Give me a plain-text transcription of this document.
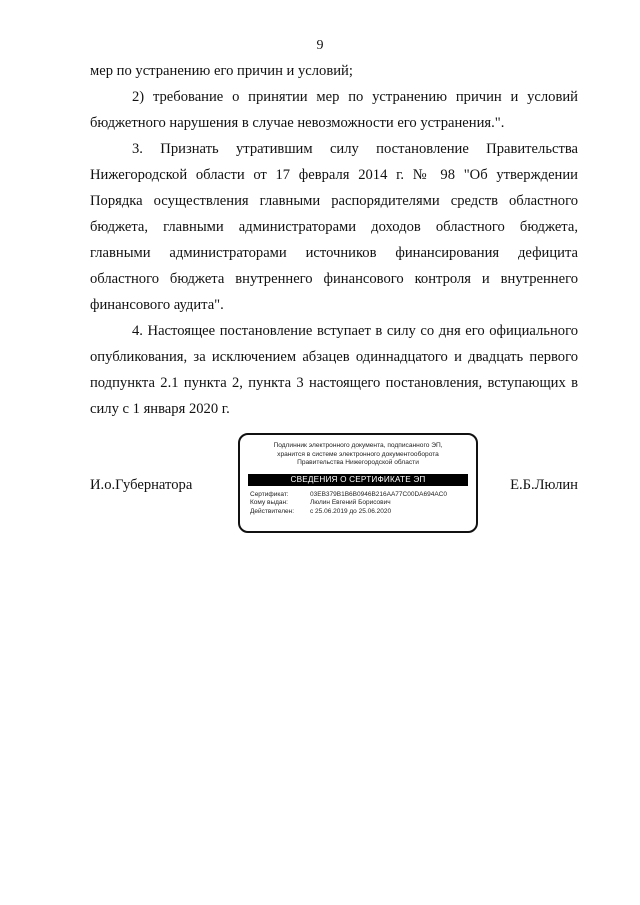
9

мер по устранению его причин и условий;

2) требование о принятии мер по устранению причин и условий бюджетного нарушения в случае невозможности его устранения.".

3. Признать утратившим силу постановление Правительства Нижегородской области от 17 февраля 2014 г. № 98 "Об утверждении Порядка осуществления главными распорядителями средств областного бюджета, главными администраторами доходов областного бюджета, главными администраторами источников финансирования дефицита областного бюджета внутреннего финансового контроля и внутреннего финансового аудита".

4. Настоящее постановление вступает в силу со дня его официального опубликования, за исключением абзацев одиннадцатого и двадцать первого подпункта 2.1 пункта 2, пункта 3 настоящего постановления, вступающих в силу с 1 января 2020 г.

И.о.Губернатора
Подлинник электронного документа, подписанного ЭП,
хранится в системе электронного документооборота
Правительства Нижегородской области
СВЕДЕНИЯ О СЕРТИФИКАТЕ ЭП
Сертификат:	03EB379B1B6B0946B216AA77C00DA694AC0
Кому выдан:	Люлин Евгений Борисович
Действителен: с 25.06.2019 до 25.06.2020
Е.Б.Люлин
